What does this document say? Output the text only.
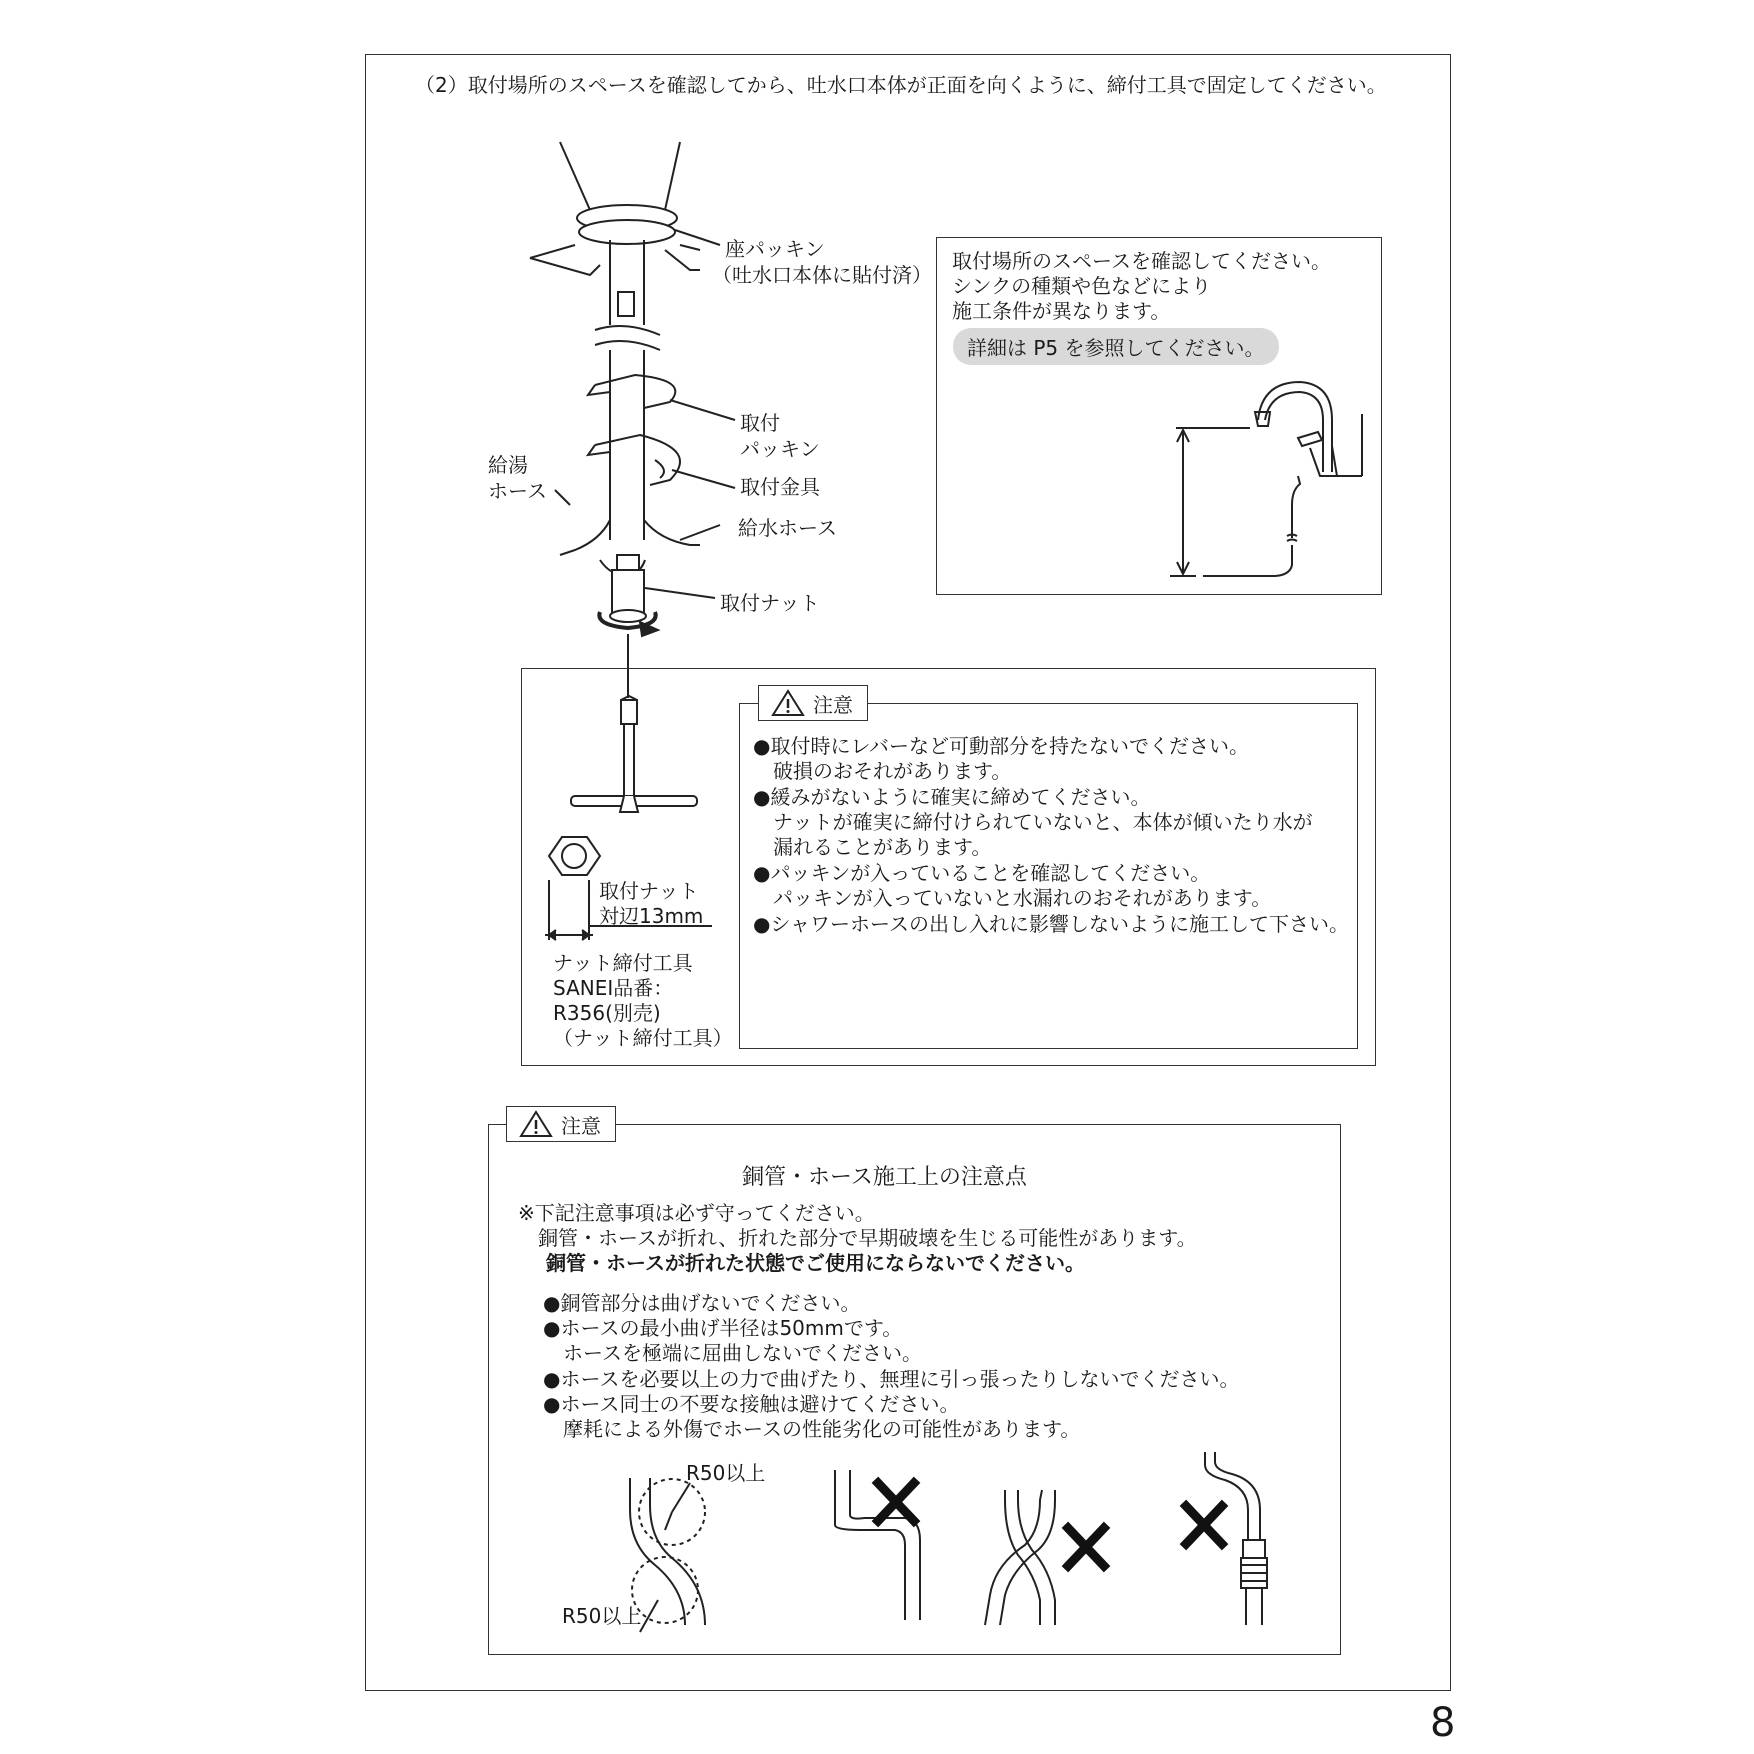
（2）取付場所のスペースを確認してから、吐水口本体が正面を向くように、締付工具で固定してください。
座パッキン
（吐水口本体に貼付済）
取付
パッキン
取付金具
給湯
ホース
給水ホース
取付ナット
取付場所のスペースを確認してください。
シンクの種類や色などにより
施工条件が異なります。
詳細は P5 を参照してください。
取付ナット
対辺13mm
ナット締付工具
SANEI品番：
R356(別売)
（ナット締付工具）
注意
●取付時にレバーなど可動部分を持たないでください。
　破損のおそれがあります。
●緩みがないように確実に締めてください。
　ナットが確実に締付けられていないと、本体が傾いたり水が
　漏れることがあります。
●パッキンが入っていることを確認してください。
　パッキンが入っていないと水漏れのおそれがあります。
●シャワーホースの出し入れに影響しないように施工して下さい。
注意
銅管・ホース施工上の注意点
※下記注意事項は必ず守ってください。
　銅管・ホースが折れ、折れた部分で早期破壊を生じる可能性があります。
銅管・ホースが折れた状態でご使用にならないでください。
●銅管部分は曲げないでください。
●ホースの最小曲げ半径は50mmです。
　ホースを極端に屈曲しないでください。
●ホースを必要以上の力で曲げたり、無理に引っ張ったりしないでください。
●ホース同士の不要な接触は避けてください。
　摩耗による外傷でホースの性能劣化の可能性があります。
R50以上
R50以上
8
